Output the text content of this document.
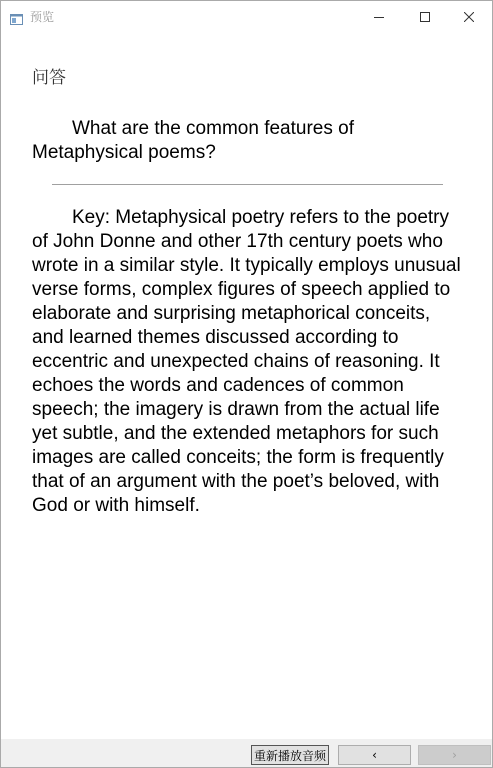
预览
问答

What are the common features of Metaphysical poems?

Key: Metaphysical poetry refers to the poetry of John Donne and other 17th century poets who wrote in a similar style. It typically employs unusual verse forms, complex figures of speech applied to elaborate and surprising metaphorical conceits, and learned themes discussed according to eccentric and unexpected chains of reasoning. It echoes the words and cadences of common speech; the imagery is drawn from the actual life yet subtle, and the extended metaphors for such images are called conceits; the form is frequently that of an argument with the poet’s beloved, with God or with himself.

重新播放音频	‹	›
